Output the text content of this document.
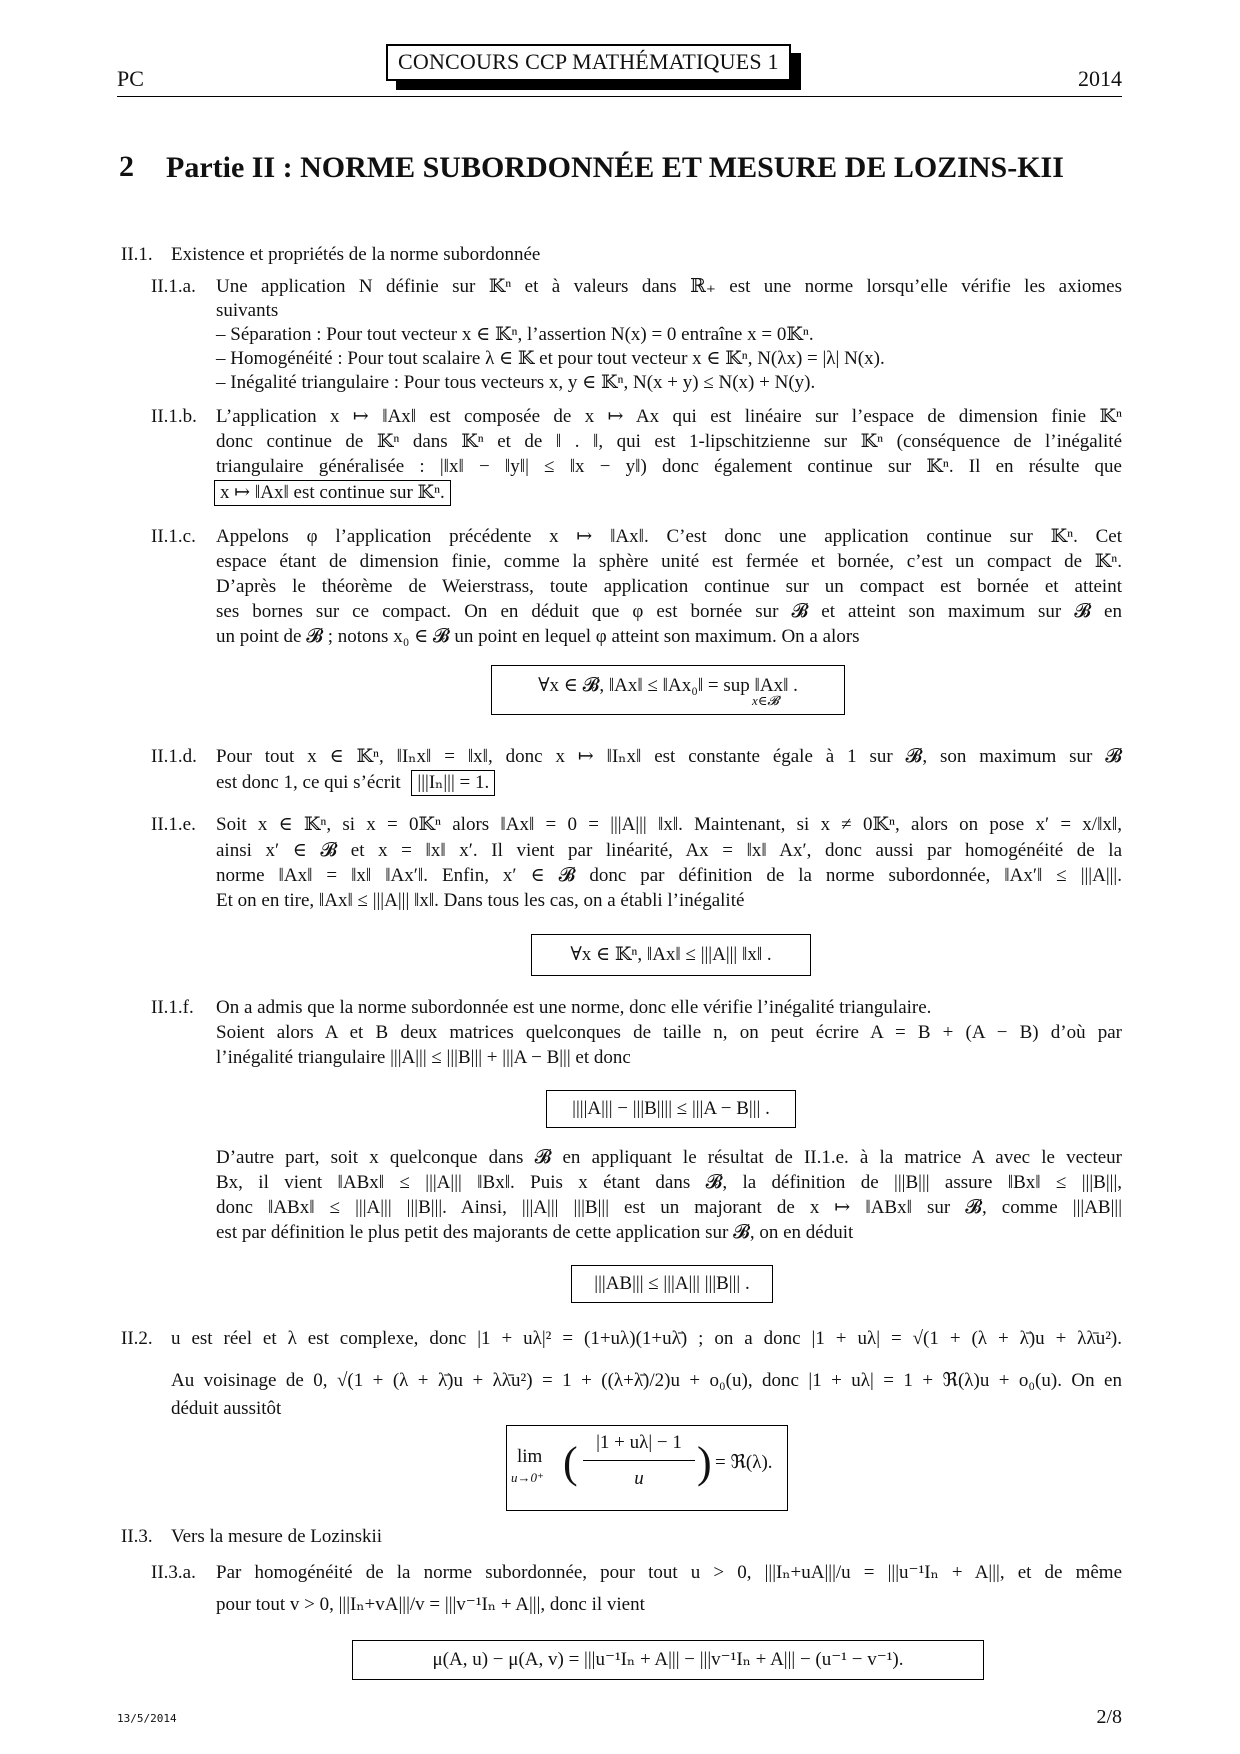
PC
CONCOURS CCP MATHÉMATIQUES 1
2014
2 Partie II : NORME SUBORDONNÉE ET MESURE DE LOZINS-KII
II.1. Existence et propriétés de la norme subordonnée
II.1.a. Une application N définie sur 𝕂ⁿ et à valeurs dans ℝ₊ est une norme lorsqu’elle vérifie les axiomes
suivants
– Séparation : Pour tout vecteur x ∈ 𝕂ⁿ, l’assertion N(x) = 0 entraîne x = 0𝕂ⁿ.
– Homogénéité : Pour tout scalaire λ ∈ 𝕂 et pour tout vecteur x ∈ 𝕂ⁿ, N(λx) = |λ| N(x).
– Inégalité triangulaire : Pour tous vecteurs x, y ∈ 𝕂ⁿ, N(x + y) ≤ N(x) + N(y).
II.1.b. L’application x ↦ ‖Ax‖ est composée de x ↦ Ax qui est linéaire sur l’espace de dimension finie 𝕂ⁿ
donc continue de 𝕂ⁿ dans 𝕂ⁿ et de ‖ . ‖, qui est 1-lipschitzienne sur 𝕂ⁿ (conséquence de l’inégalité
triangulaire généralisée : |‖x‖ − ‖y‖| ≤ ‖x − y‖) donc également continue sur 𝕂ⁿ. Il en résulte que
x ↦ ‖Ax‖ est continue sur 𝕂ⁿ.
II.1.c. Appelons φ l’application précédente x ↦ ‖Ax‖. C’est donc une application continue sur 𝕂ⁿ. Cet
espace étant de dimension finie, comme la sphère unité est fermée et bornée, c’est un compact de 𝕂ⁿ.
D’après le théorème de Weierstrass, toute application continue sur un compact est bornée et atteint
ses bornes sur ce compact. On en déduit que φ est bornée sur 𝓑 et atteint son maximum sur 𝓑 en
un point de 𝓑 ; notons x₀ ∈ 𝓑 un point en lequel φ atteint son maximum. On a alors
∀x ∈ 𝓑, ‖Ax‖ ≤ ‖Ax₀‖ = sup ‖Ax‖ .
x∈𝓑
II.1.d. Pour tout x ∈ 𝕂ⁿ, ‖Iₙx‖ = ‖x‖, donc x ↦ ‖Iₙx‖ est constante égale à 1 sur 𝓑, son maximum sur 𝓑
est donc 1, ce qui s’écrit |||Iₙ||| = 1.
II.1.e. Soit x ∈ 𝕂ⁿ, si x = 0𝕂ⁿ alors ‖Ax‖ = 0 = |||A||| ‖x‖. Maintenant, si x ≠ 0𝕂ⁿ, alors on pose x′ = x/‖x‖,
ainsi x′ ∈ 𝓑 et x = ‖x‖ x′. Il vient par linéarité, Ax = ‖x‖ Ax′, donc aussi par homogénéité de la
norme ‖Ax‖ = ‖x‖ ‖Ax′‖. Enfin, x′ ∈ 𝓑 donc par définition de la norme subordonnée, ‖Ax′‖ ≤ |||A|||.
Et on en tire, ‖Ax‖ ≤ |||A||| ‖x‖. Dans tous les cas, on a établi l’inégalité
∀x ∈ 𝕂ⁿ, ‖Ax‖ ≤ |||A||| ‖x‖ .
II.1.f. On a admis que la norme subordonnée est une norme, donc elle vérifie l’inégalité triangulaire.
Soient alors A et B deux matrices quelconques de taille n, on peut écrire A = B + (A − B) d’où par
l’inégalité triangulaire |||A||| ≤ |||B||| + |||A − B||| et donc
||||A||| − |||B|||| ≤ |||A − B||| .
D’autre part, soit x quelconque dans 𝓑 en appliquant le résultat de II.1.e. à la matrice A avec le vecteur
Bx, il vient ‖ABx‖ ≤ |||A||| ‖Bx‖. Puis x étant dans 𝓑, la définition de |||B||| assure ‖Bx‖ ≤ |||B|||,
donc ‖ABx‖ ≤ |||A||| |||B|||. Ainsi, |||A||| |||B||| est un majorant de x ↦ ‖ABx‖ sur 𝓑, comme |||AB|||
est par définition le plus petit des majorants de cette application sur 𝓑, on en déduit
|||AB||| ≤ |||A||| |||B||| .
II.2. u est réel et λ est complexe, donc |1 + uλ|² = (1+uλ)(1+uλ̄) ; on a donc |1 + uλ| = √(1 + (λ + λ̄)u + λλ̄u²).
Au voisinage de 0, √(1 + (λ + λ̄)u + λλ̄u²) = 1 + ((λ+λ̄)/2)u + o₀(u), donc |1 + uλ| = 1 + ℜ(λ)u + o₀(u). On en
déduit aussitôt
lim
u→0⁺ ( |1 + uλ| − 1
u	) = ℜ(λ).
II.3. Vers la mesure de Lozinskii
II.3.a. Par homogénéité de la norme subordonnée, pour tout u > 0, |||Iₙ+uA|||/u = |||u⁻¹Iₙ + A|||, et de même
pour tout v > 0, |||Iₙ+vA|||/v = |||v⁻¹Iₙ + A|||, donc il vient
μ(A, u) − μ(A, v) = |||u⁻¹Iₙ + A||| − |||v⁻¹Iₙ + A||| − (u⁻¹ − v⁻¹).
13/5/2014	2/8
